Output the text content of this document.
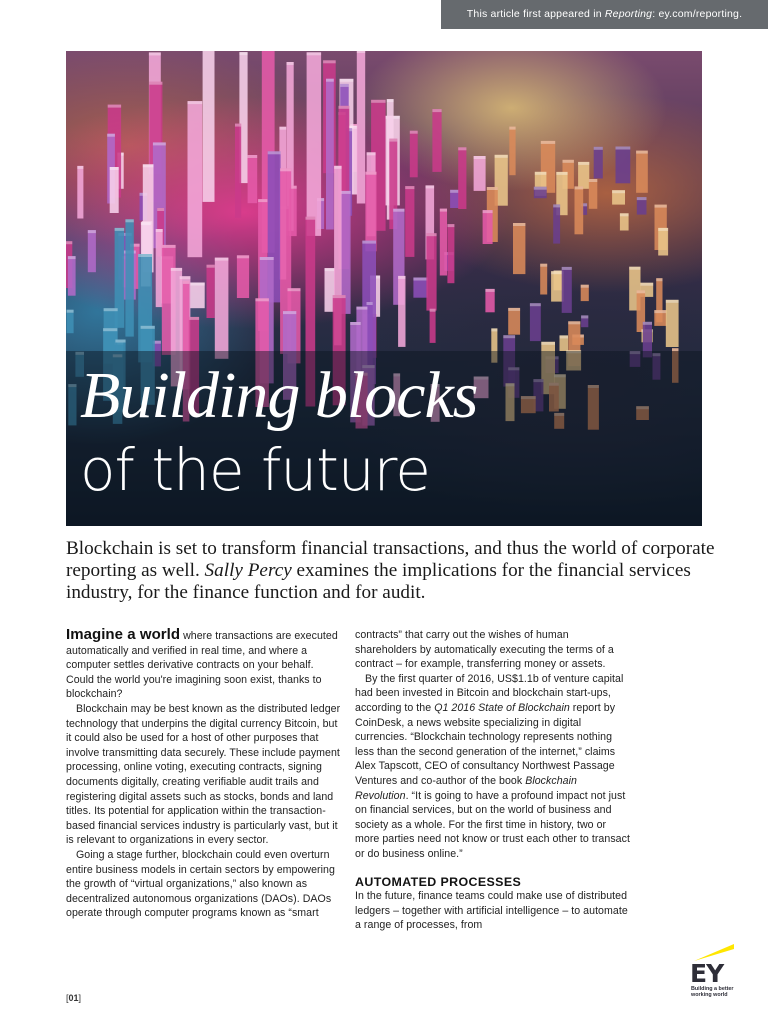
This article first appeared in Reporting: ey.com/reporting.
Building blocks
of the future

Blockchain is set to transform financial transactions, and thus the world of corporate reporting as well. Sally Percy examines the implications for the financial services industry, for the finance function and for audit.

Imagine a world where transactions are executed automatically and verified in real time, and where a computer settles derivative contracts on your behalf. Could the world you're imagining soon exist, thanks to blockchain?

Blockchain may be best known as the distributed ledger technology that underpins the digital currency Bitcoin, but it could also be used for a host of other purposes that involve transmitting data securely. These include payment processing, online voting, executing contracts, signing documents digitally, creating verifiable audit trails and registering digital assets such as stocks, bonds and land titles. Its potential for application within the transaction-based financial services industry is particularly vast, but it is relevant to organizations in every sector.

Going a stage further, blockchain could even overturn entire business models in certain sectors by empowering the growth of “virtual organizations,” also known as decentralized autonomous organizations (DAOs). DAOs operate through computer programs known as “smart

contracts” that carry out the wishes of human shareholders by automatically executing the terms of a contract – for example, transferring money or assets.

By the first quarter of 2016, US$1.1b of venture capital had been invested in Bitcoin and blockchain start-ups, according to the Q1 2016 State of Blockchain report by CoinDesk, a news website specializing in digital currencies. “Blockchain technology represents nothing less than the second generation of the internet,” claims Alex Tapscott, CEO of consultancy Northwest Passage Ventures and co-author of the book Blockchain Revolution. “It is going to have a profound impact not just on financial services, but on the world of business and society as a whole. For the first time in history, two or more parties need not know or trust each other to transact or do business online.”

AUTOMATED PROCESSES

In the future, finance teams could make use of distributed ledgers – together with artificial intelligence – to automate a range of processes, from

[01]
EY
Building a better working world
